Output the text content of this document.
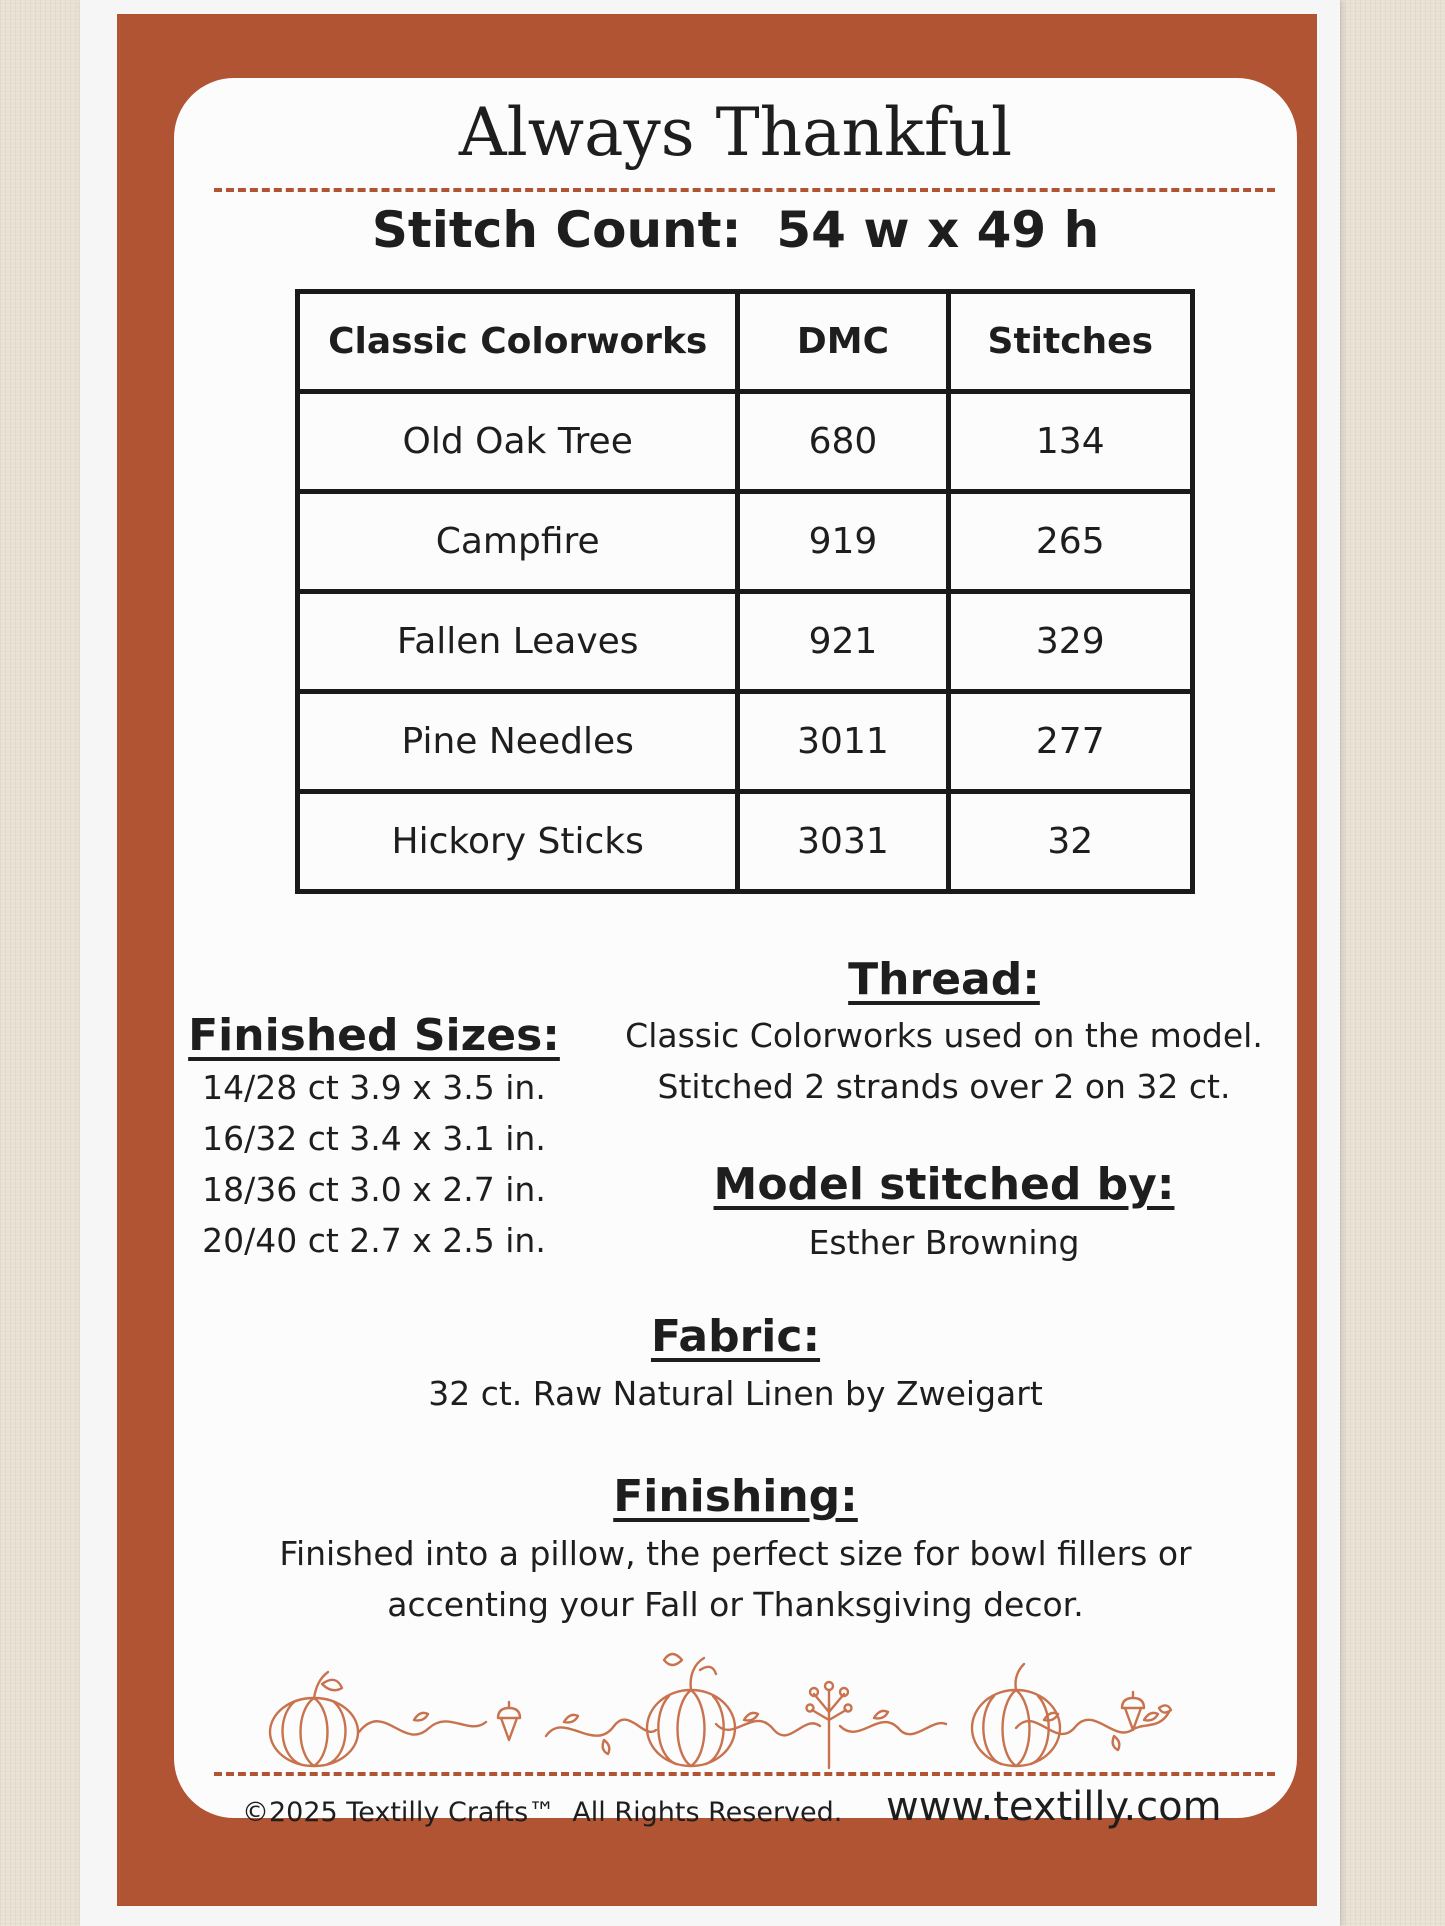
Always Thankful
Stitch Count:  54 w x 49 h
Classic Colorworks	DMC	Stitches
Old Oak Tree	680	134
Campfire	919	265
Fallen Leaves	921	329
Pine Needles	3011	277
Hickory Sticks	3031	32
Finished Sizes:
14/28 ct 3.9 x 3.5 in.
16/32 ct 3.4 x 3.1 in.
18/36 ct 3.0 x 2.7 in.
20/40 ct 2.7 x 2.5 in.
Thread:
Classic Colorworks used on the model.
Stitched 2 strands over 2 on 32 ct.
Model stitched by:
Esther Browning
Fabric:
32 ct. Raw Natural Linen by Zweigart
Finishing:
Finished into a pillow, the perfect size for bowl fillers or
accenting your Fall or Thanksgiving decor.
©2025 Textilly Crafts™  All Rights Reserved. www.textilly.com
